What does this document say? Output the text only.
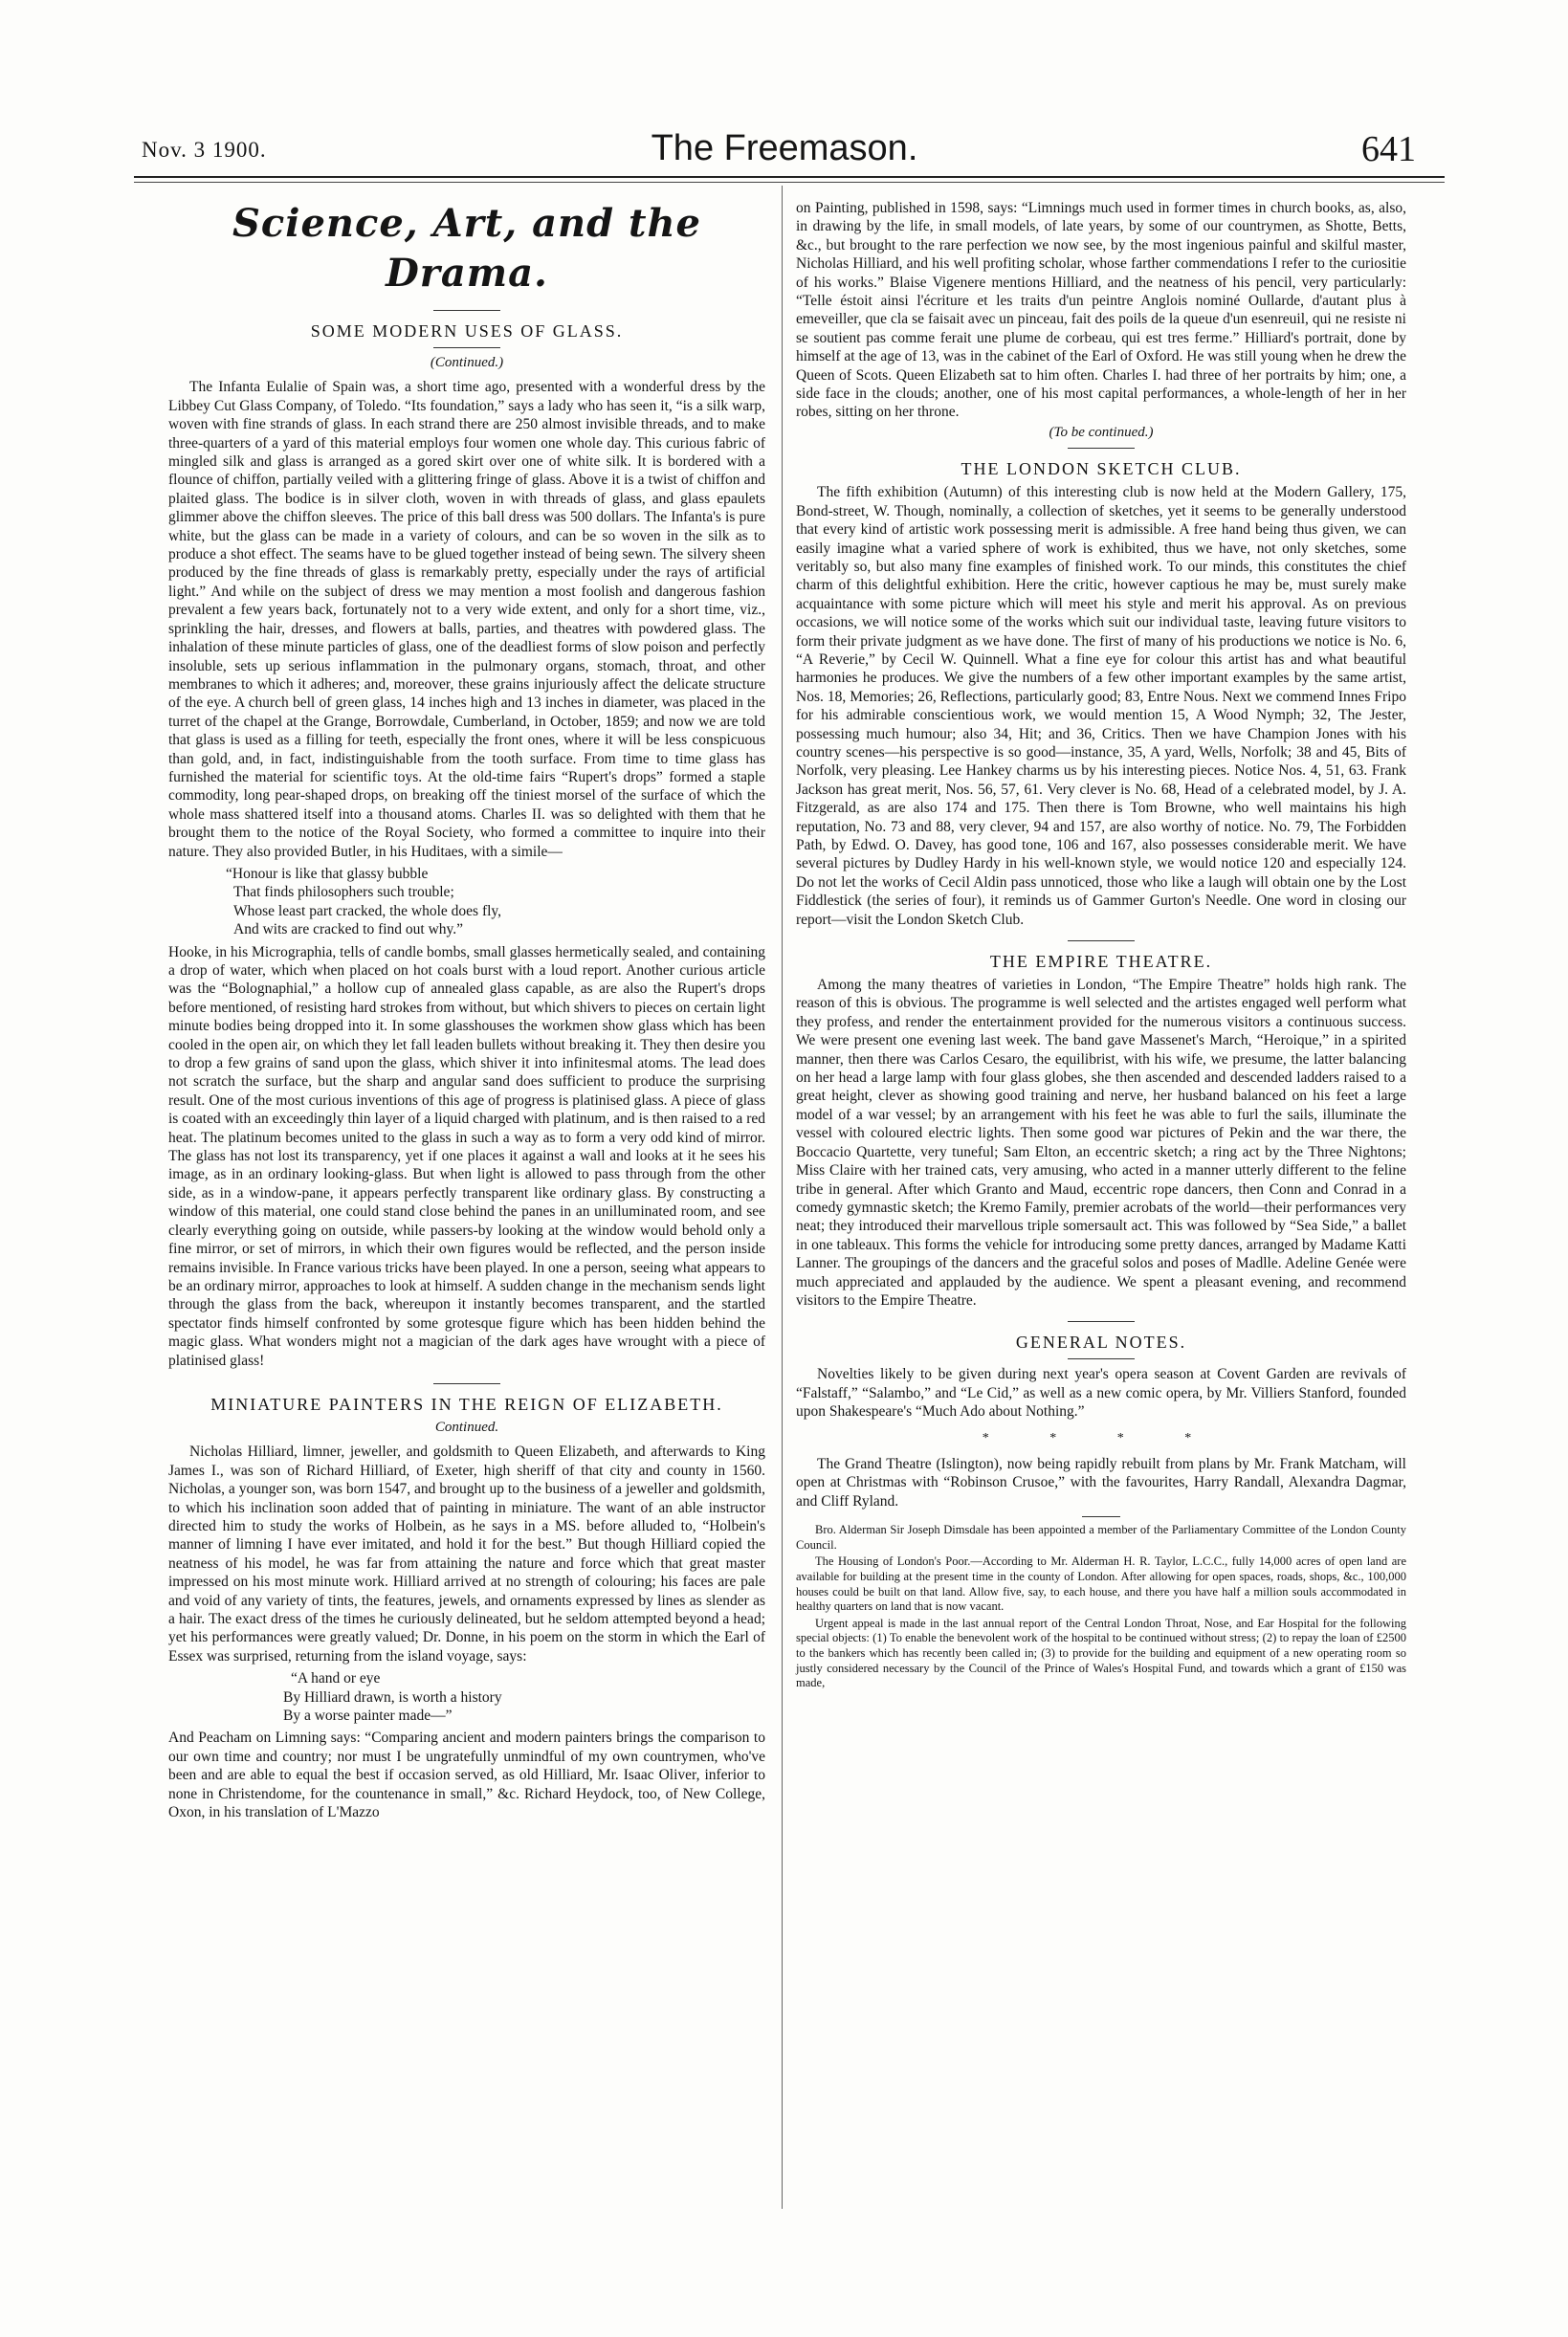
Nov. 3 1900.	The Freemason.	641
Science, Art, and the Drama.
SOME MODERN USES OF GLASS.
(Continued.)

The Infanta Eulalie of Spain was, a short time ago, presented with a wonderful dress by the Libbey Cut Glass Company, of Toledo. “Its foundation,” says a lady who has seen it, “is a silk warp, woven with fine strands of glass. In each strand there are 250 almost invisible threads, and to make three-quarters of a yard of this material employs four women one whole day. This curious fabric of mingled silk and glass is arranged as a gored skirt over one of white silk. It is bordered with a flounce of chiffon, partially veiled with a glittering fringe of glass. Above it is a twist of chiffon and plaited glass. The bodice is in silver cloth, woven in with threads of glass, and glass epaulets glimmer above the chiffon sleeves. The price of this ball dress was 500 dollars. The Infanta's is pure white, but the glass can be made in a variety of colours, and can be so woven in the silk as to produce a shot effect. The seams have to be glued together instead of being sewn. The silvery sheen produced by the fine threads of glass is remarkably pretty, especially under the rays of artificial light.” And while on the subject of dress we may mention a most foolish and dangerous fashion prevalent a few years back, fortunately not to a very wide extent, and only for a short time, viz., sprinkling the hair, dresses, and flowers at balls, parties, and theatres with powdered glass. The inhalation of these minute particles of glass, one of the deadliest forms of slow poison and perfectly insoluble, sets up serious inflammation in the pulmonary organs, stomach, throat, and other membranes to which it adheres; and, moreover, these grains injuriously affect the delicate structure of the eye. A church bell of green glass, 14 inches high and 13 inches in diameter, was placed in the turret of the chapel at the Grange, Borrowdale, Cumberland, in October, 1859; and now we are told that glass is used as a filling for teeth, especially the front ones, where it will be less conspicuous than gold, and, in fact, indistinguishable from the tooth surface. From time to time glass has furnished the material for scientific toys. At the old-time fairs “Rupert's drops” formed a staple commodity, long pear-shaped drops, on breaking off the tiniest morsel of the surface of which the whole mass shattered itself into a thousand atoms. Charles II. was so delighted with them that he brought them to the notice of the Royal Society, who formed a committee to inquire into their nature. They also provided Butler, in his Huditaes, with a simile—

“Honour is like that glassy bubble
That finds philosophers such trouble;
Whose least part cracked, the whole does fly,
And wits are cracked to find out why.”

Hooke, in his Micrographia, tells of candle bombs, small glasses hermetically sealed, and containing a drop of water, which when placed on hot coals burst with a loud report. Another curious article was the “Bolognaphial,” a hollow cup of annealed glass capable, as are also the Rupert's drops before mentioned, of resisting hard strokes from without, but which shivers to pieces on certain light minute bodies being dropped into it. In some glasshouses the workmen show glass which has been cooled in the open air, on which they let fall leaden bullets without breaking it. They then desire you to drop a few grains of sand upon the glass, which shiver it into infinitesmal atoms. The lead does not scratch the surface, but the sharp and angular sand does sufficient to produce the surprising result. One of the most curious inventions of this age of progress is platinised glass. A piece of glass is coated with an exceedingly thin layer of a liquid charged with platinum, and is then raised to a red heat. The platinum becomes united to the glass in such a way as to form a very odd kind of mirror. The glass has not lost its transparency, yet if one places it against a wall and looks at it he sees his image, as in an ordinary looking-glass. But when light is allowed to pass through from the other side, as in a window-pane, it appears perfectly transparent like ordinary glass. By constructing a window of this material, one could stand close behind the panes in an unilluminated room, and see clearly everything going on outside, while passers-by looking at the window would behold only a fine mirror, or set of mirrors, in which their own figures would be reflected, and the person inside remains invisible. In France various tricks have been played. In one a person, seeing what appears to be an ordinary mirror, approaches to look at himself. A sudden change in the mechanism sends light through the glass from the back, whereupon it instantly becomes transparent, and the startled spectator finds himself confronted by some grotesque figure which has been hidden behind the magic glass. What wonders might not a magician of the dark ages have wrought with a piece of platinised glass!

MINIATURE PAINTERS IN THE REIGN OF ELIZABETH.
Continued.

Nicholas Hilliard, limner, jeweller, and goldsmith to Queen Elizabeth, and afterwards to King James I., was son of Richard Hilliard, of Exeter, high sheriff of that city and county in 1560. Nicholas, a younger son, was born 1547, and brought up to the business of a jeweller and goldsmith, to which his inclination soon added that of painting in miniature. The want of an able instructor directed him to study the works of Holbein, as he says in a MS. before alluded to, “Holbein's manner of limning I have ever imitated, and hold it for the best.” But though Hilliard copied the neatness of his model, he was far from attaining the nature and force which that great master impressed on his most minute work. Hilliard arrived at no strength of colouring; his faces are pale and void of any variety of tints, the features, jewels, and ornaments expressed by lines as slender as a hair. The exact dress of the times he curiously delineated, but he seldom attempted beyond a head; yet his performances were greatly valued; Dr. Donne, in his poem on the storm in which the Earl of Essex was surprised, returning from the island voyage, says:

“A hand or eye
By Hilliard drawn, is worth a history
By a worse painter made—”

And Peacham on Limning says: “Comparing ancient and modern painters brings the comparison to our own time and country; nor must I be ungratefully unmindful of my own countrymen, who've been and are able to equal the best if occasion served, as old Hilliard, Mr. Isaac Oliver, inferior to none in Christendome, for the countenance in small,” &c. Richard Heydock, too, of New College, Oxon, in his translation of L'Mazzo

on Painting, published in 1598, says: “Limnings much used in former times in church books, as, also, in drawing by the life, in small models, of late years, by some of our countrymen, as Shotte, Betts, &c., but brought to the rare perfection we now see, by the most ingenious painful and skilful master, Nicholas Hilliard, and his well profiting scholar, whose farther commendations I refer to the curiositie of his works.” Blaise Vigenere mentions Hilliard, and the neatness of his pencil, very particularly: “Telle éstoit ainsi l'écriture et les traits d'un peintre Anglois nominé Oullarde, d'autant plus à emeveiller, que cla se faisait avec un pinceau, fait des poils de la queue d'un esenreuil, qui ne resiste ni se soutient pas comme ferait une plume de corbeau, qui est tres ferme.” Hilliard's portrait, done by himself at the age of 13, was in the cabinet of the Earl of Oxford. He was still young when he drew the Queen of Scots. Queen Elizabeth sat to him often. Charles I. had three of her portraits by him; one, a side face in the clouds; another, one of his most capital performances, a whole-length of her in her robes, sitting on her throne.

(To be continued.)
THE LONDON SKETCH CLUB.

The fifth exhibition (Autumn) of this interesting club is now held at the Modern Gallery, 175, Bond-street, W. Though, nominally, a collection of sketches, yet it seems to be generally understood that every kind of artistic work possessing merit is admissible. A free hand being thus given, we can easily imagine what a varied sphere of work is exhibited, thus we have, not only sketches, some veritably so, but also many fine examples of finished work. To our minds, this constitutes the chief charm of this delightful exhibition. Here the critic, however captious he may be, must surely make acquaintance with some picture which will meet his style and merit his approval. As on previous occasions, we will notice some of the works which suit our individual taste, leaving future visitors to form their private judgment as we have done. The first of many of his productions we notice is No. 6, “A Reverie,” by Cecil W. Quinnell. What a fine eye for colour this artist has and what beautiful harmonies he produces. We give the numbers of a few other important examples by the same artist, Nos. 18, Memories; 26, Reflections, particularly good; 83, Entre Nous. Next we commend Innes Fripo for his admirable conscientious work, we would mention 15, A Wood Nymph; 32, The Jester, possessing much humour; also 34, Hit; and 36, Critics. Then we have Champion Jones with his country scenes—his perspective is so good—instance, 35, A yard, Wells, Norfolk; 38 and 45, Bits of Norfolk, very pleasing. Lee Hankey charms us by his interesting pieces. Notice Nos. 4, 51, 63. Frank Jackson has great merit, Nos. 56, 57, 61. Very clever is No. 68, Head of a celebrated model, by J. A. Fitzgerald, as are also 174 and 175. Then there is Tom Browne, who well maintains his high reputation, No. 73 and 88, very clever, 94 and 157, are also worthy of notice. No. 79, The Forbidden Path, by Edwd. O. Davey, has good tone, 106 and 167, also possesses considerable merit. We have several pictures by Dudley Hardy in his well-known style, we would notice 120 and especially 124. Do not let the works of Cecil Aldin pass unnoticed, those who like a laugh will obtain one by the Lost Fiddlestick (the series of four), it reminds us of Gammer Gurton's Needle. One word in closing our report—visit the London Sketch Club.

THE EMPIRE THEATRE.

Among the many theatres of varieties in London, “The Empire Theatre” holds high rank. The reason of this is obvious. The programme is well selected and the artistes engaged well perform what they profess, and render the entertainment provided for the numerous visitors a continuous success. We were present one evening last week. The band gave Massenet's March, “Heroique,” in a spirited manner, then there was Carlos Cesaro, the equilibrist, with his wife, we presume, the latter balancing on her head a large lamp with four glass globes, she then ascended and descended ladders raised to a great height, clever as showing good training and nerve, her husband balanced on his feet a large model of a war vessel; by an arrangement with his feet he was able to furl the sails, illuminate the vessel with coloured electric lights. Then some good war pictures of Pekin and the war there, the Boccacio Quartette, very tuneful; Sam Elton, an eccentric sketch; a ring act by the Three Nightons; Miss Claire with her trained cats, very amusing, who acted in a manner utterly different to the feline tribe in general. After which Granto and Maud, eccentric rope dancers, then Conn and Conrad in a comedy gymnastic sketch; the Kremo Family, premier acrobats of the world—their performances very neat; they introduced their marvellous triple somersault act. This was followed by “Sea Side,” a ballet in one tableaux. This forms the vehicle for introducing some pretty dances, arranged by Madame Katti Lanner. The groupings of the dancers and the graceful solos and poses of Madlle. Adeline Genée were much appreciated and applauded by the audience. We spent a pleasant evening, and recommend visitors to the Empire Theatre.

GENERAL NOTES.

Novelties likely to be given during next year's opera season at Covent Garden are revivals of “Falstaff,” “Salambo,” and “Le Cid,” as well as a new comic opera, by Mr. Villiers Stanford, founded upon Shakespeare's “Much Ado about Nothing.”

* * * *

The Grand Theatre (Islington), now being rapidly rebuilt from plans by Mr. Frank Matcham, will open at Christmas with “Robinson Crusoe,” with the favourites, Harry Randall, Alexandra Dagmar, and Cliff Ryland.

Bro. Alderman Sir Joseph Dimsdale has been appointed a member of the Parliamentary Committee of the London County Council.

The Housing of London's Poor.—According to Mr. Alderman H. R. Taylor, L.C.C., fully 14,000 acres of open land are available for building at the present time in the county of London. After allowing for open spaces, roads, shops, &c., 100,000 houses could be built on that land. Allow five, say, to each house, and there you have half a million souls accommodated in healthy quarters on land that is now vacant.

Urgent appeal is made in the last annual report of the Central London Throat, Nose, and Ear Hospital for the following special objects: (1) To enable the benevolent work of the hospital to be continued without stress; (2) to repay the loan of £2500 to the bankers which has recently been called in; (3) to provide for the building and equipment of a new operating room so justly considered necessary by the Council of the Prince of Wales's Hospital Fund, and towards which a grant of £150 was made,
